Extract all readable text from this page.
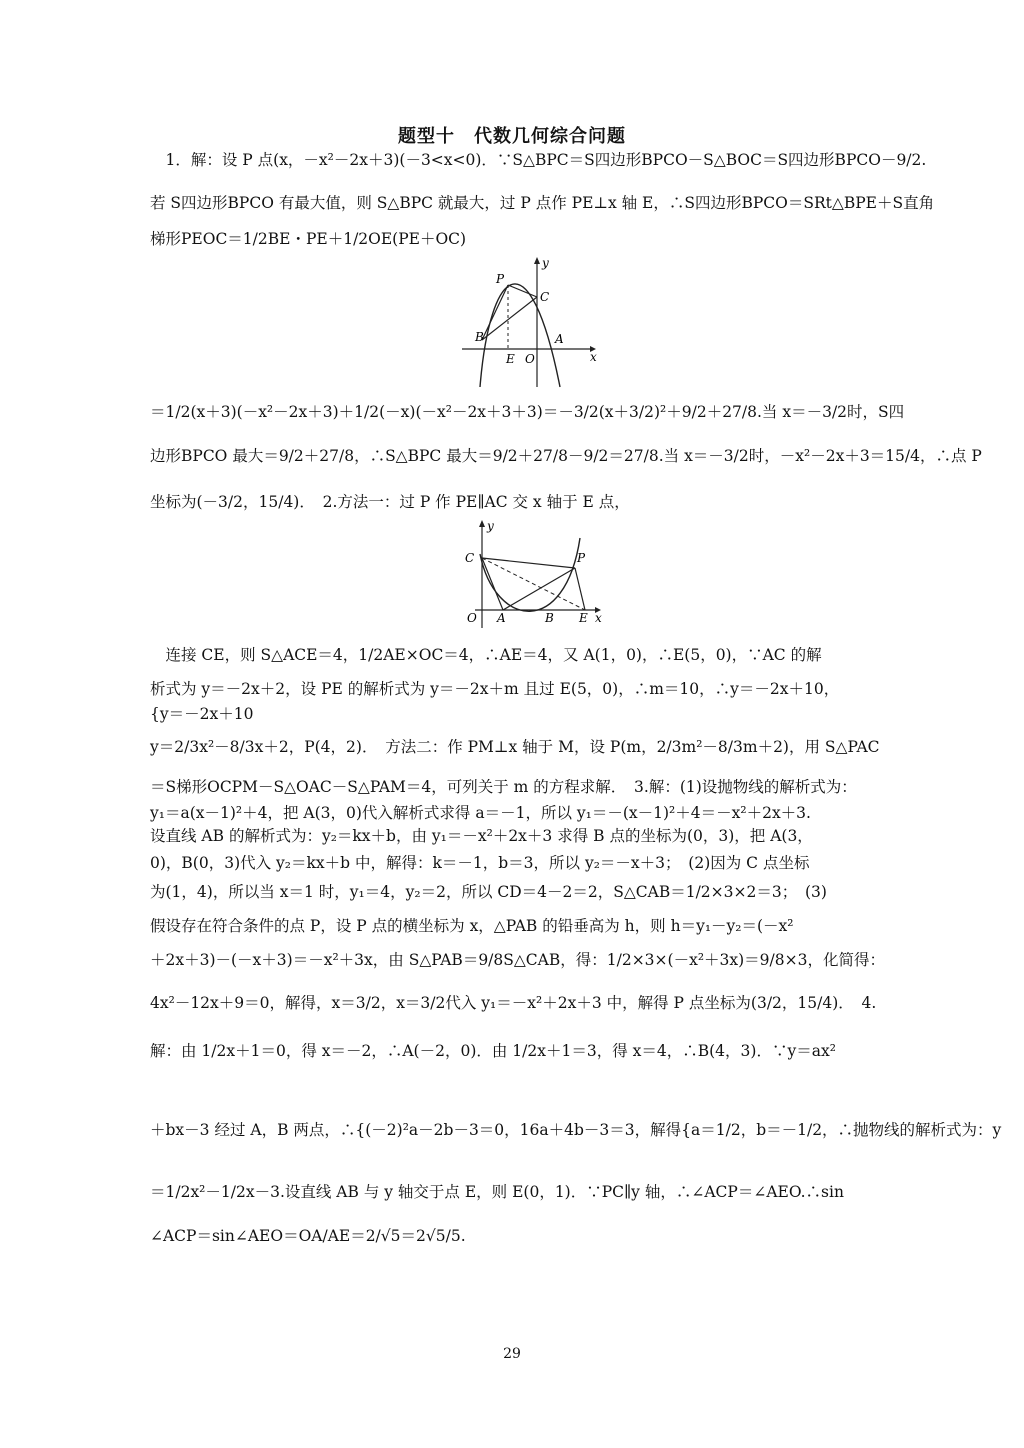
题型十　代数几何综合问题
　1．解：设 P 点(x，－x²－2x＋3)(－3<x<0)．∵S△BPC＝S四边形BPCO－S△BOC＝S四边形BPCO－9/2.
若 S四边形BPCO 有最大值，则 S△BPC 就最大，过 P 点作 PE⊥x 轴 E，∴S四边形BPCO＝SRt△BPE＋S直角
梯形PEOC＝1/2BE・PE＋1/2OE(PE＋OC)
y
P
C
B	A
E O	x
＝1/2(x＋3)(－x²－2x＋3)＋1/2(－x)(－x²－2x＋3＋3)＝－3/2(x＋3/2)²＋9/2＋27/8.当 x＝－3/2时，S四
边形BPCO 最大＝9/2＋27/8，∴S△BPC 最大＝9/2＋27/8－9/2＝27/8.当 x＝－3/2时，－x²－2x＋3＝15/4，∴点 P
坐标为(－3/2，15/4)．　2.方法一：过 P 作 PE∥AC 交 x 轴于 E 点，
y
C	P
O A	B E x
　连接 CE，则 S△ACE＝4，1/2AE×OC＝4，∴AE＝4，又 A(1，0)，∴E(5，0)，∵AC 的解
析式为 y＝－2x＋2，设 PE 的解析式为 y＝－2x＋m 且过 E(5，0)，∴m＝10，∴y＝－2x＋10，
{y＝－2x＋10
y＝2/3x²－8/3x＋2，P(4，2)．　方法二：作 PM⊥x 轴于 M，设 P(m，2/3m²－8/3m＋2)，用 S△PAC
＝S梯形OCPM－S△OAC－S△PAM＝4，可列关于 m 的方程求解．　3.解：(1)设抛物线的解析式为：
y₁＝a(x－1)²＋4，把 A(3，0)代入解析式求得 a＝－1，所以 y₁＝－(x－1)²＋4＝－x²＋2x＋3.
设直线 AB 的解析式为：y₂＝kx＋b，由 y₁＝－x²＋2x＋3 求得 B 点的坐标为(0，3)，把 A(3，
0)，B(0，3)代入 y₂＝kx＋b 中，解得：k＝－1，b＝3，所以 y₂＝－x＋3；　(2)因为 C 点坐标
为(1，4)，所以当 x＝1 时，y₁＝4，y₂＝2，所以 CD＝4－2＝2，S△CAB＝1/2×3×2＝3；　(3)
假设存在符合条件的点 P，设 P 点的横坐标为 x，△PAB 的铅垂高为 h，则 h＝y₁－y₂＝(－x²
＋2x＋3)－(－x＋3)＝－x²＋3x，由 S△PAB＝9/8S△CAB，得：1/2×3×(－x²＋3x)＝9/8×3，化简得：
4x²－12x＋9＝0，解得，x＝3/2，x＝3/2代入 y₁＝－x²＋2x＋3 中，解得 P 点坐标为(3/2，15/4)．　4.
解：由 1/2x＋1＝0，得 x＝－2，∴A(－2，0)．由 1/2x＋1＝3，得 x＝4，∴B(4，3)．∵y＝ax²
＋bx－3 经过 A，B 两点，∴{(－2)²a－2b－3＝0，16a＋4b－3＝3，解得{a＝1/2，b＝－1/2，∴抛物线的解析式为：y
＝1/2x²－1/2x－3.设直线 AB 与 y 轴交于点 E，则 E(0，1)．∵PC∥y 轴，∴∠ACP＝∠AEO.∴sin
∠ACP＝sin∠AEO＝OA/AE＝2/√5＝2√5/5.
29
